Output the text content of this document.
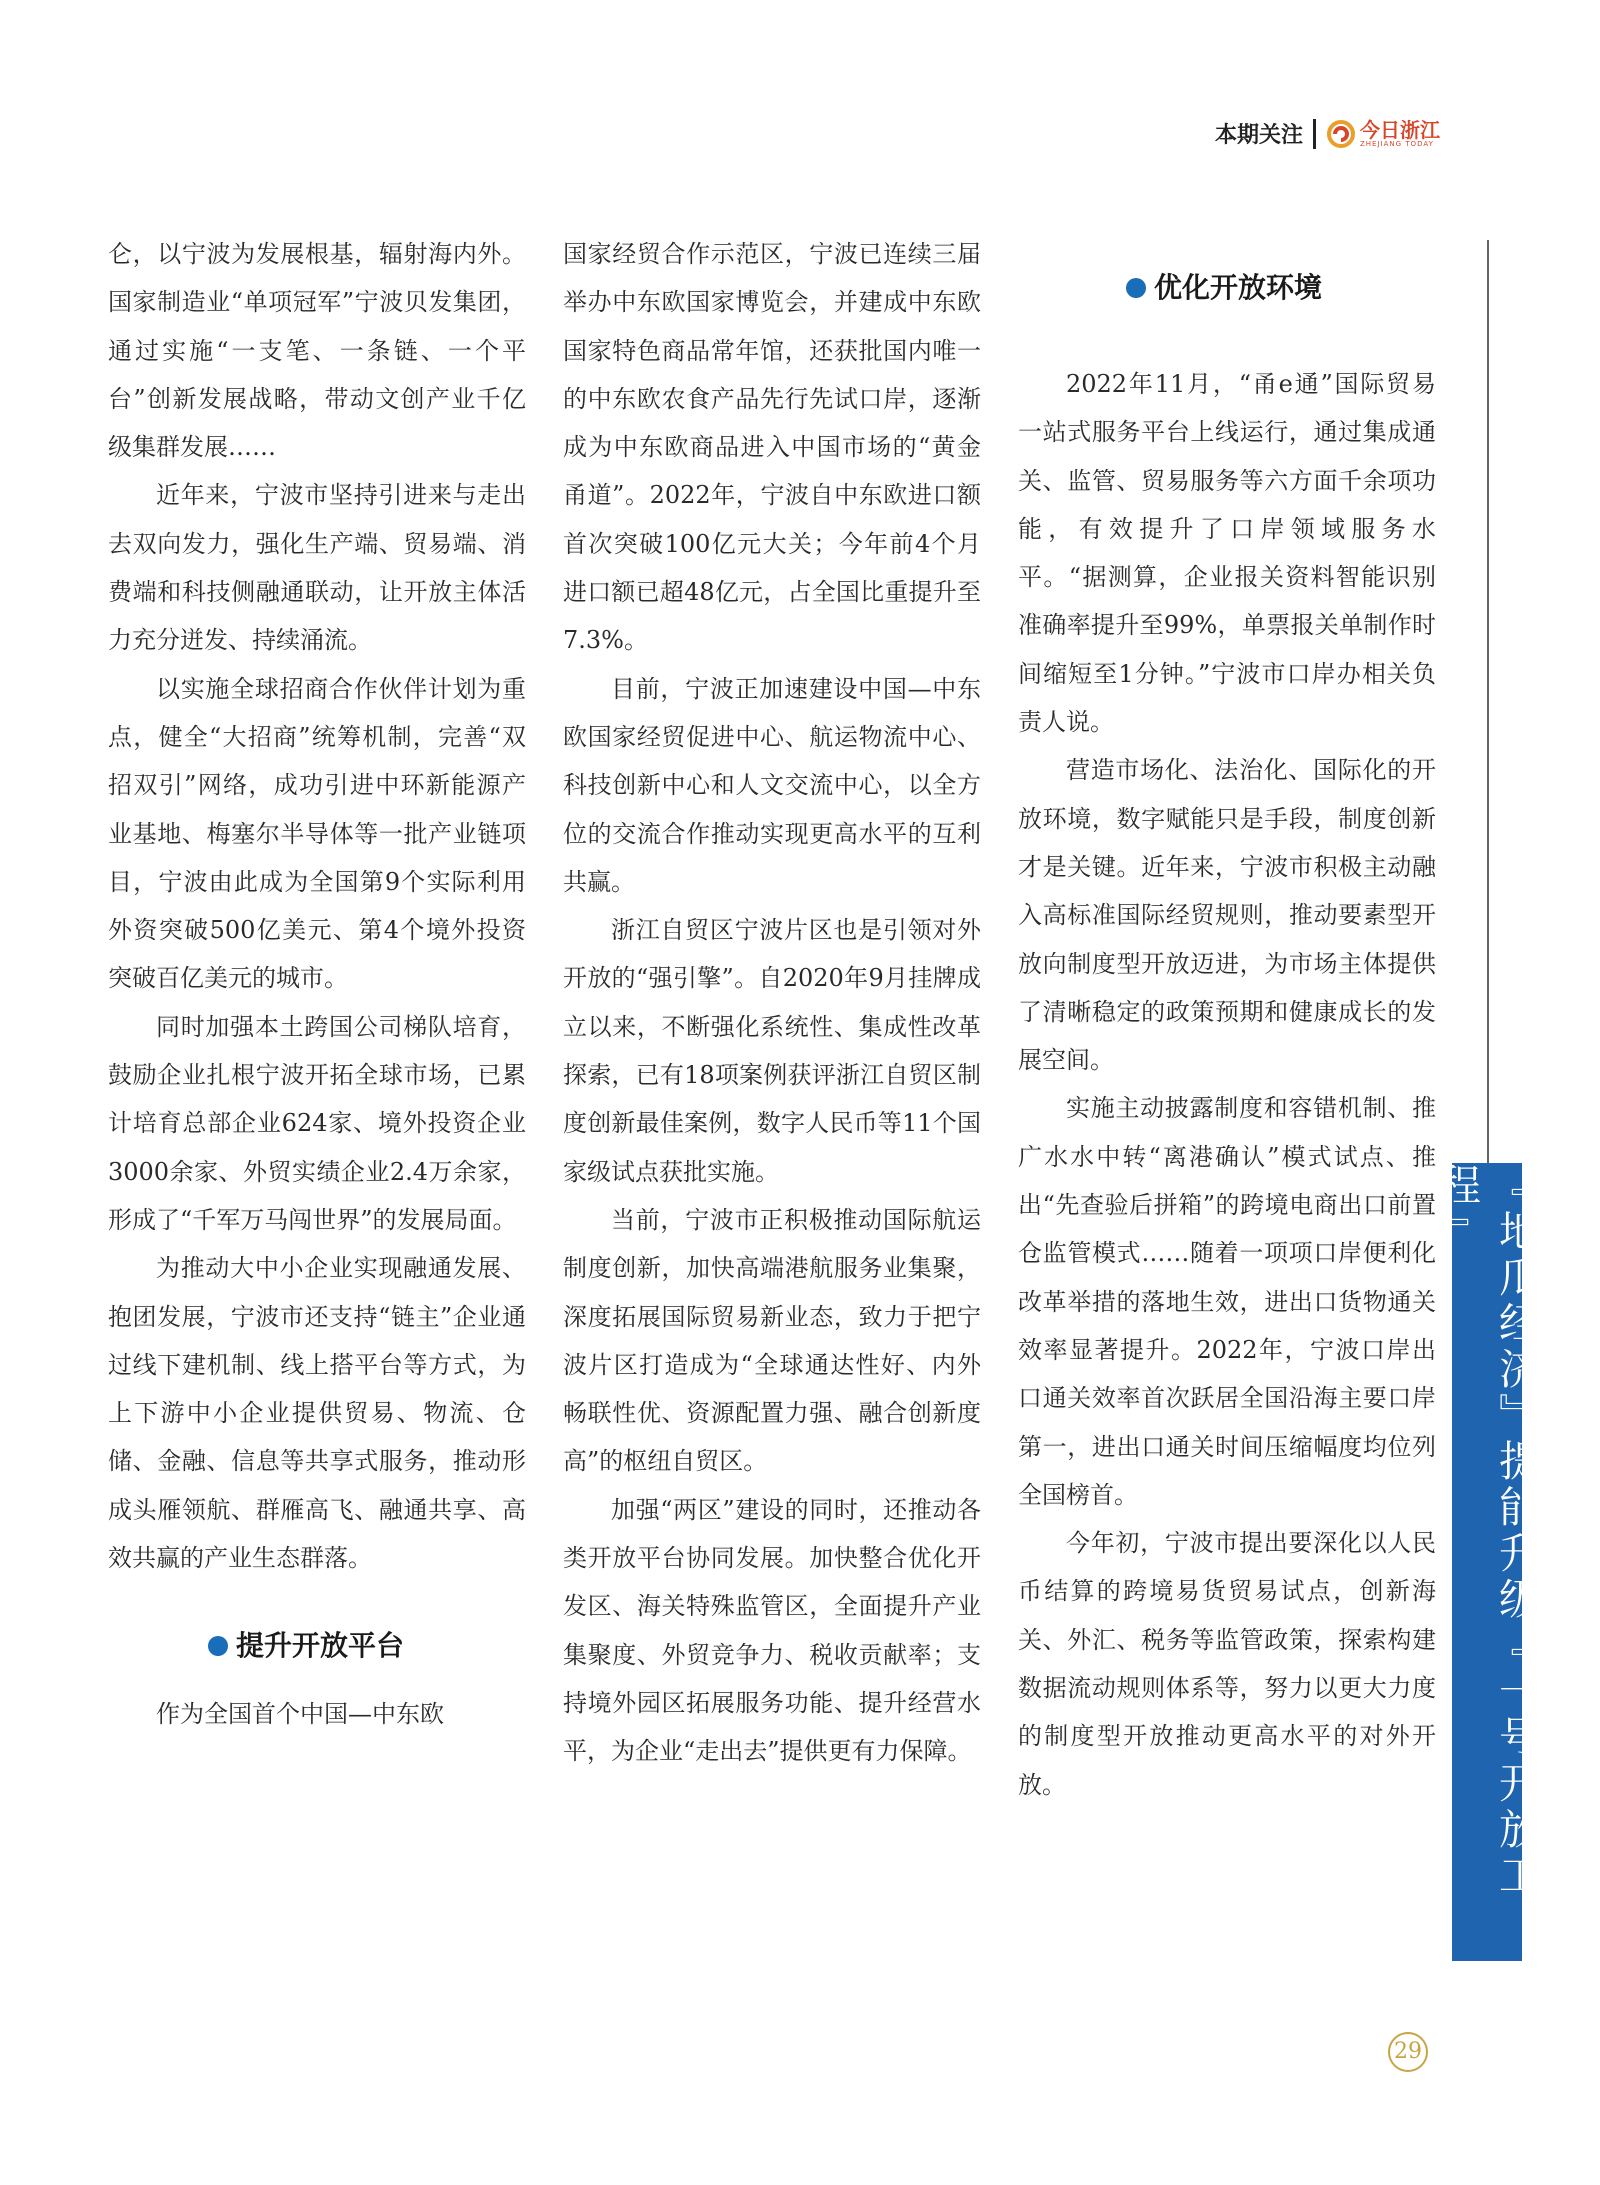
本期关注	今日浙江
ZHEJIANG TODAY

仑，以宁波为发展根基，辐射海内外。国家制造业“单项冠军”宁波贝发集团，通过实施“一支笔、一条链、一个平台”创新发展战略，带动文创产业千亿级集群发展……

近年来，宁波市坚持引进来与走出去双向发力，强化生产端、贸易端、消费端和科技侧融通联动，让开放主体活力充分迸发、持续涌流。

以实施全球招商合作伙伴计划为重点，健全“大招商”统筹机制，完善“双招双引”网络，成功引进中环新能源产业基地、梅塞尔半导体等一批产业链项目，宁波由此成为全国第9个实际利用外资突破500亿美元、第4个境外投资突破百亿美元的城市。

同时加强本土跨国公司梯队培育，鼓励企业扎根宁波开拓全球市场，已累计培育总部企业624家、境外投资企业3000余家、外贸实绩企业2.4万余家，形成了“千军万马闯世界”的发展局面。

为推动大中小企业实现融通发展、抱团发展，宁波市还支持“链主”企业通过线下建机制、线上搭平台等方式，为上下游中小企业提供贸易、物流、仓储、金融、信息等共享式服务，推动形成头雁领航、群雁高飞、融通共享、高效共赢的产业生态群落。

提升开放平台

作为全国首个中国—中东欧

国家经贸合作示范区，宁波已连续三届举办中东欧国家博览会，并建成中东欧国家特色商品常年馆，还获批国内唯一的中东欧农食产品先行先试口岸，逐渐成为中东欧商品进入中国市场的“黄金甬道”。2022年，宁波自中东欧进口额首次突破100亿元大关；今年前4个月进口额已超48亿元，占全国比重提升至7.3%。

目前，宁波正加速建设中国—中东欧国家经贸促进中心、航运物流中心、科技创新中心和人文交流中心，以全方位的交流合作推动实现更高水平的互利共赢。

浙江自贸区宁波片区也是引领对外开放的“强引擎”。自2020年9月挂牌成立以来，不断强化系统性、集成性改革探索，已有18项案例获评浙江自贸区制度创新最佳案例，数字人民币等11个国家级试点获批实施。

当前，宁波市正积极推动国际航运制度创新，加快高端港航服务业集聚，深度拓展国际贸易新业态，致力于把宁波片区打造成为“全球通达性好、内外畅联性优、资源配置力强、融合创新度高”的枢纽自贸区。

加强“两区”建设的同时，还推动各类开放平台协同发展。加快整合优化开发区、海关特殊监管区，全面提升产业集聚度、外贸竞争力、税收贡献率；支持境外园区拓展服务功能、提升经营水平，为企业“走出去”提供更有力保障。

优化开放环境

2022年11月，“甬e通”国际贸易一站式服务平台上线运行，通过集成通关、监管、贸易服务等六方面千余项功能，有效提升了口岸领域服务水平。“据测算，企业报关资料智能识别准确率提升至99%，单票报关单制作时间缩短至1分钟。”宁波市口岸办相关负责人说。

营造市场化、法治化、国际化的开放环境，数字赋能只是手段，制度创新才是关键。近年来，宁波市积极主动融入高标准国际经贸规则，推动要素型开放向制度型开放迈进，为市场主体提供了清晰稳定的政策预期和健康成长的发展空间。

实施主动披露制度和容错机制、推广水水中转“离港确认”模式试点、推出“先查验后拼箱”的跨境电商出口前置仓监管模式……随着一项项口岸便利化改革举措的落地生效，进出口货物通关效率显著提升。2022年，宁波口岸出口通关效率首次跃居全国沿海主要口岸第一，进出口通关时间压缩幅度均位列全国榜首。

今年初，宁波市提出要深化以人民币结算的跨境易货贸易试点，创新海关、外汇、税务等监管政策，探索构建数据流动规则体系等，努力以更大力度的制度型开放推动更高水平的对外开放。	『地瓜经济』提能升级『一号开放工程』
29
